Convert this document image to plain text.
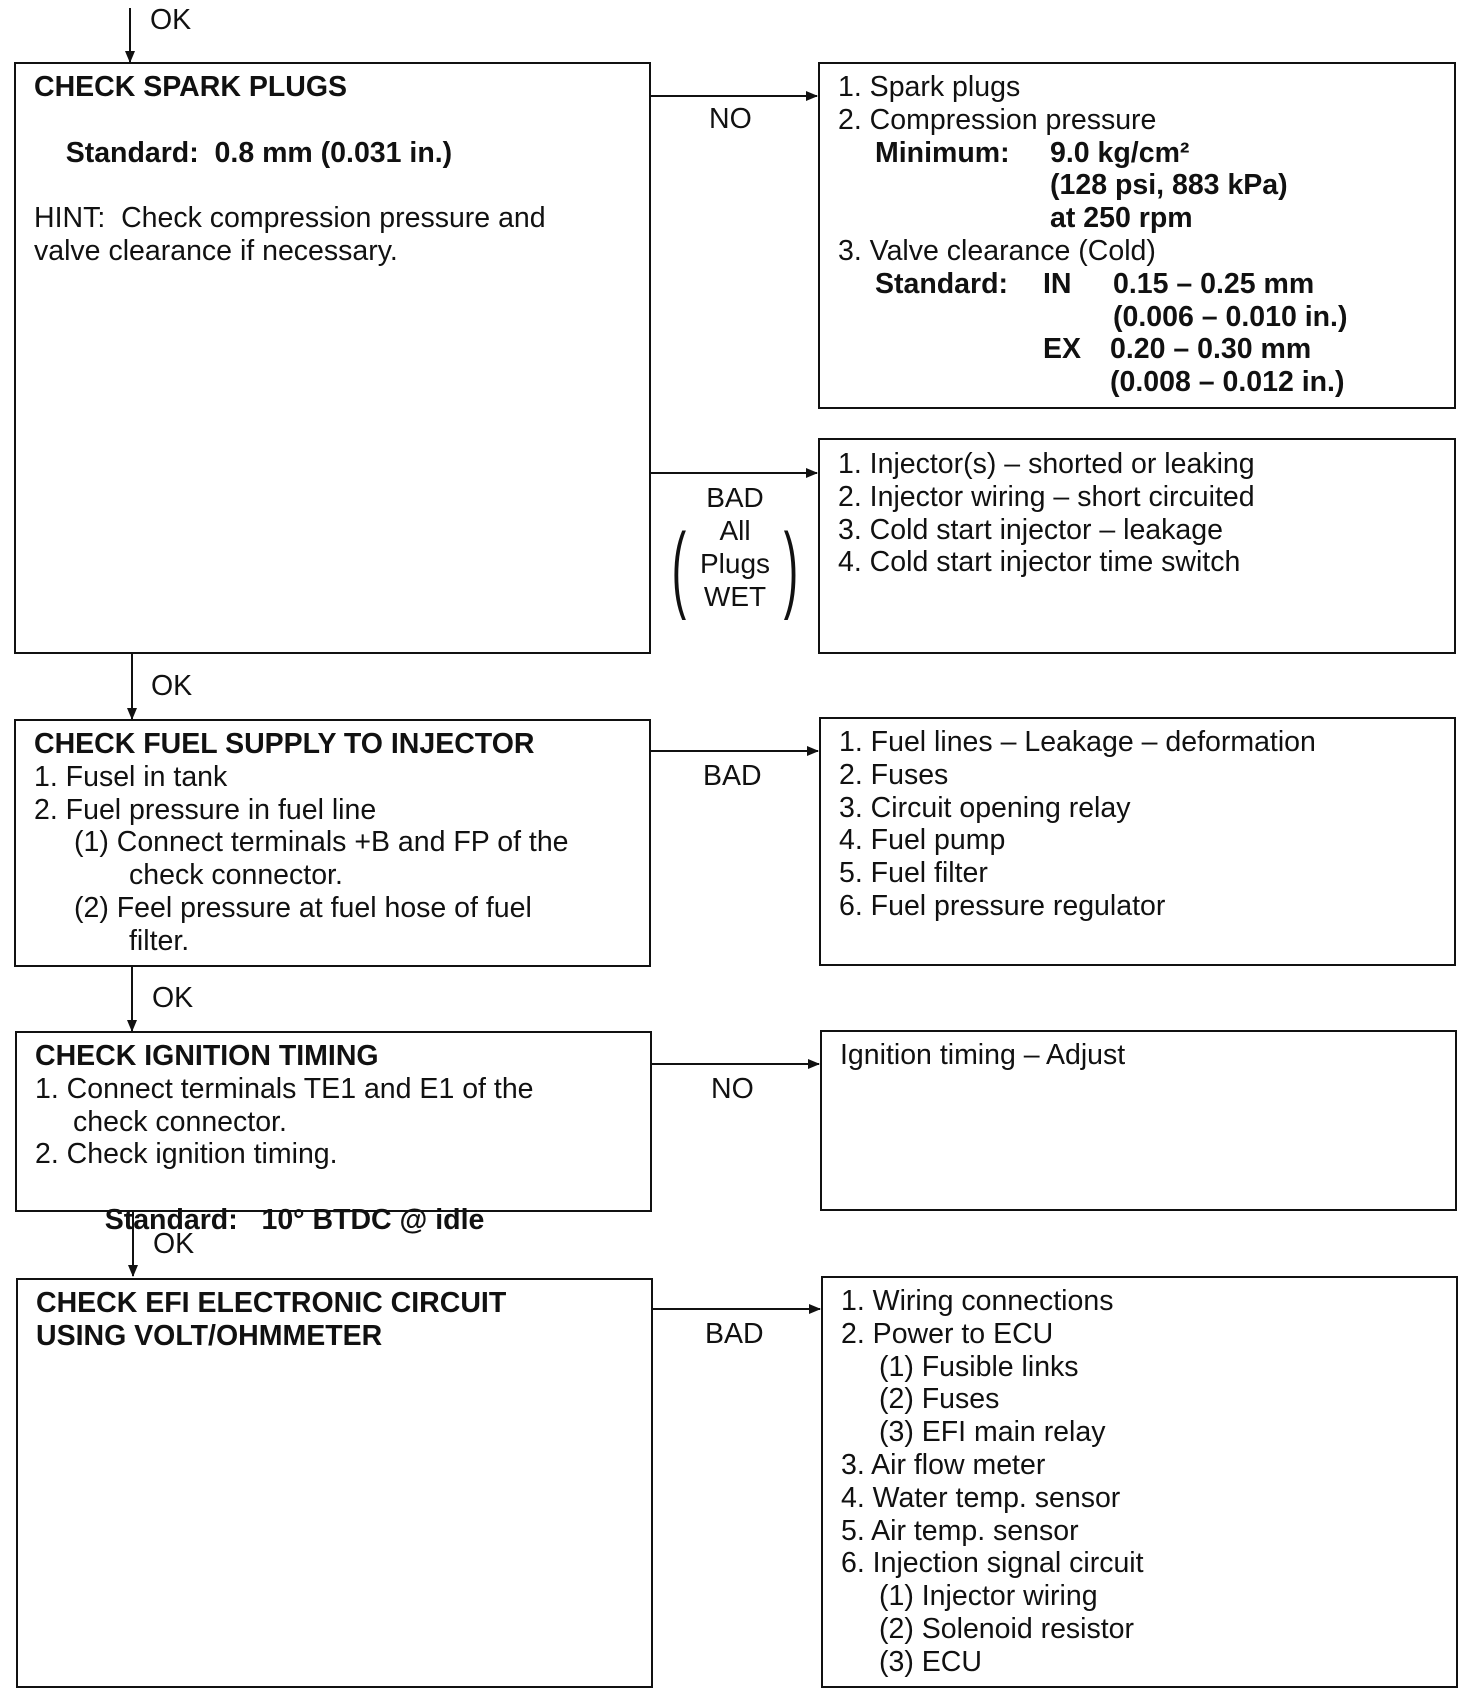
OK
OK
OK
OK
NO
BAD
NO
BAD
BAD
All
Plugs
WET
( )
CHECK SPARK PLUGS

Standard: 0.8 mm (0.031 in.)

HINT:  Check compression pressure and
valve clearance if necessary.
1. Spark plugs
2. Compression pressure
Minimum:	9.0 kg/cm²
(128 psi, 883 kPa)
at 250 rpm
3. Valve clearance (Cold)
Standard:	IN	0.15 – 0.25 mm
(0.006 – 0.010 in.)
EX	0.20 – 0.30 mm
(0.008 – 0.012 in.)
1. Injector(s) – shorted or leaking
2. Injector wiring – short circuited
3. Cold start injector – leakage
4. Cold start injector time switch
CHECK FUEL SUPPLY TO INJECTOR
1. Fusel in tank
2. Fuel pressure in fuel line
(1) Connect terminals +B and FP of the
check connector.
(2) Feel pressure at fuel hose of fuel
filter.
1. Fuel lines – Leakage – deformation
2. Fuses
3. Circuit opening relay
4. Fuel pump
5. Fuel filter
6. Fuel pressure regulator
CHECK IGNITION TIMING
1. Connect terminals TE1 and E1 of the
check connector.
2. Check ignition timing.

Standard: 10° BTDC @ idle

Ignition timing – Adjust
CHECK EFI ELECTRONIC CIRCUIT
USING VOLT/OHMMETER
1. Wiring connections
2. Power to ECU
(1) Fusible links
(2) Fuses
(3) EFI main relay
3. Air flow meter
4. Water temp. sensor
5. Air temp. sensor
6. Injection signal circuit
(1) Injector wiring
(2) Solenoid resistor
(3) ECU
